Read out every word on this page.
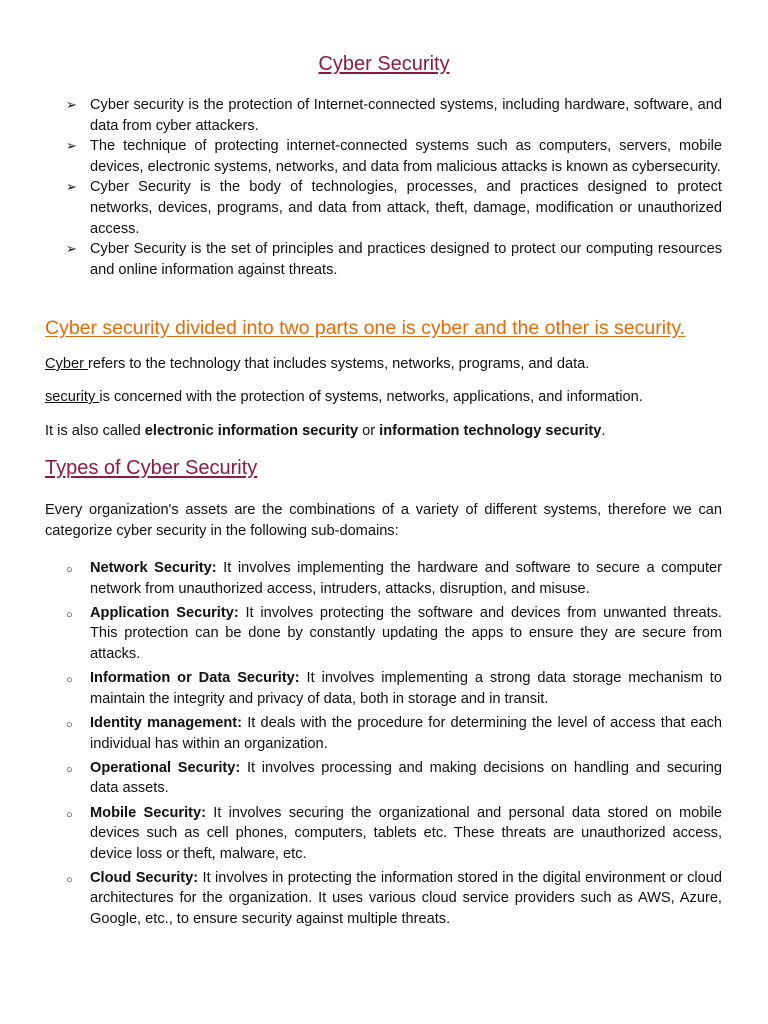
Cyber Security
➢ Cyber security is the protection of Internet-connected systems, including hardware, software, and data from cyber attackers.
➢ The technique of protecting internet-connected systems such as computers, servers, mobile devices, electronic systems, networks, and data from malicious attacks is known as cybersecurity.
➢ Cyber Security is the body of technologies, processes, and practices designed to protect networks, devices, programs, and data from attack, theft, damage, modification or unauthorized access.
➢ Cyber Security is the set of principles and practices designed to protect our computing resources and online information against threats.
Cyber security divided into two parts one is cyber and the other is security.
Cyber refers to the technology that includes systems, networks, programs, and data.
security is concerned with the protection of systems, networks, applications, and information.
It is also called electronic information security or information technology security.
Types of Cyber Security
Every organization's assets are the combinations of a variety of different systems, therefore we can categorize cyber security in the following sub-domains:
○ Network Security: It involves implementing the hardware and software to secure a computer network from unauthorized access, intruders, attacks, disruption, and misuse.
○ Application Security: It involves protecting the software and devices from unwanted threats. This protection can be done by constantly updating the apps to ensure they are secure from attacks.
○ Information or Data Security: It involves implementing a strong data storage mechanism to maintain the integrity and privacy of data, both in storage and in transit.
○ Identity management: It deals with the procedure for determining the level of access that each individual has within an organization.
○ Operational Security: It involves processing and making decisions on handling and securing data assets.
○ Mobile Security: It involves securing the organizational and personal data stored on mobile devices such as cell phones, computers, tablets etc. These threats are unauthorized access, device loss or theft, malware, etc.
○ Cloud Security: It involves in protecting the information stored in the digital environment or cloud architectures for the organization. It uses various cloud service providers such as AWS, Azure, Google, etc., to ensure security against multiple threats.
